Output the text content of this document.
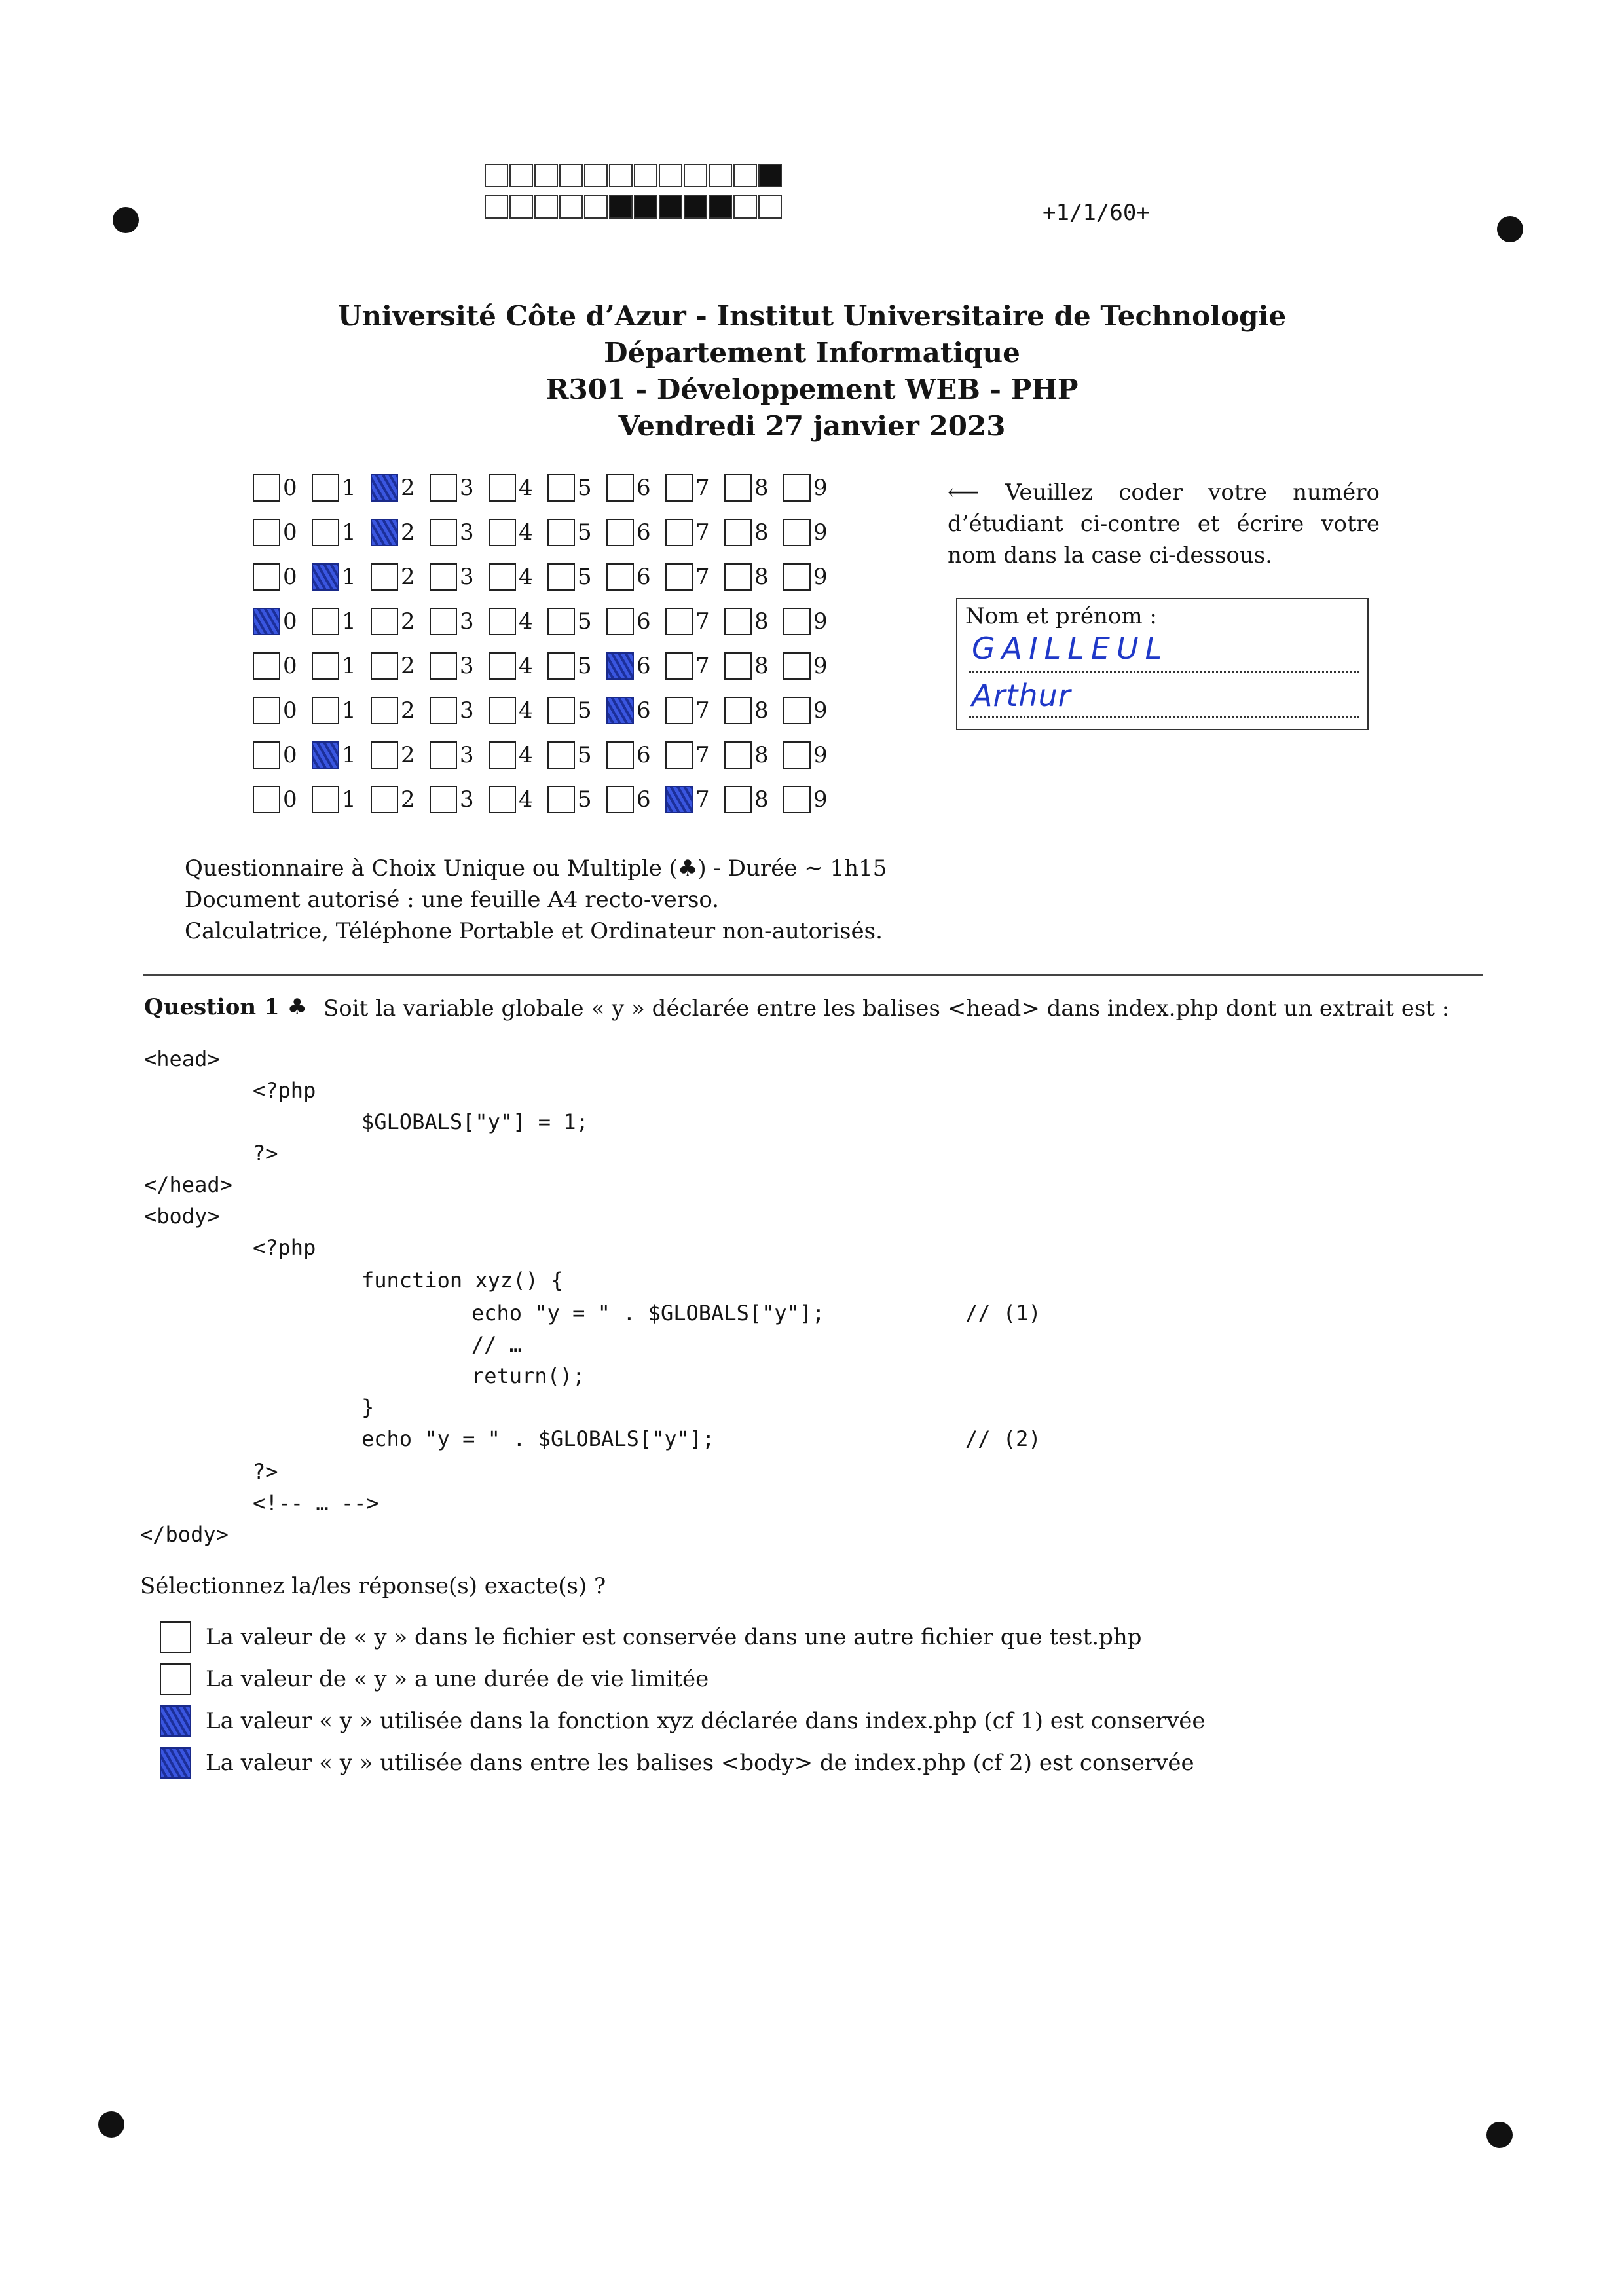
+1/1/60+
Université Côte d’Azur - Institut Universitaire de Technologie
Département Informatique
R301 - Développement WEB - PHP
Vendredi 27 janvier 2023
0 1 2 3 4 5 6 7 8 9
0 1 2 3 4 5 6 7 8 9
0 1 2 3 4 5 6 7 8 9
0 1 2 3 4 5 6 7 8 9
0 1 2 3 4 5 6 7 8 9
0 1 2 3 4 5 6 7 8 9
0 1 2 3 4 5 6 7 8 9
0 1 2 3 4 5 6 7 8 9
⟵ Veuillez coder votre numéro d’étudiant ci-contre et écrire votre nom dans la case ci-dessous.
Nom et prénom :
GAILLEUL
Arthur
Questionnaire à Choix Unique ou Multiple (♣) - Durée ∼ 1h15
Document autorisé : une feuille A4 recto-verso.
Calculatrice, Téléphone Portable et Ordinateur non-autorisés.
Question 1 ♣ Soit la variable globale « y » déclarée entre les balises <head> dans index.php dont un extrait est :
<head>
<?php
$GLOBALS["y"] = 1;
?>
</head>
<body>
<?php
function xyz() {
echo "y = " . $GLOBALS["y"];	// (1)
// …
return();
}
echo "y = " . $GLOBALS["y"];	// (2)
?>
<!-- … -->
</body>
Sélectionnez la/les réponse(s) exacte(s) ?
La valeur de « y » dans le fichier est conservée dans une autre fichier que test.php
La valeur de « y » a une durée de vie limitée
La valeur « y » utilisée dans la fonction xyz déclarée dans index.php (cf 1) est conservée
La valeur « y » utilisée dans entre les balises <body> de index.php (cf 2) est conservée
